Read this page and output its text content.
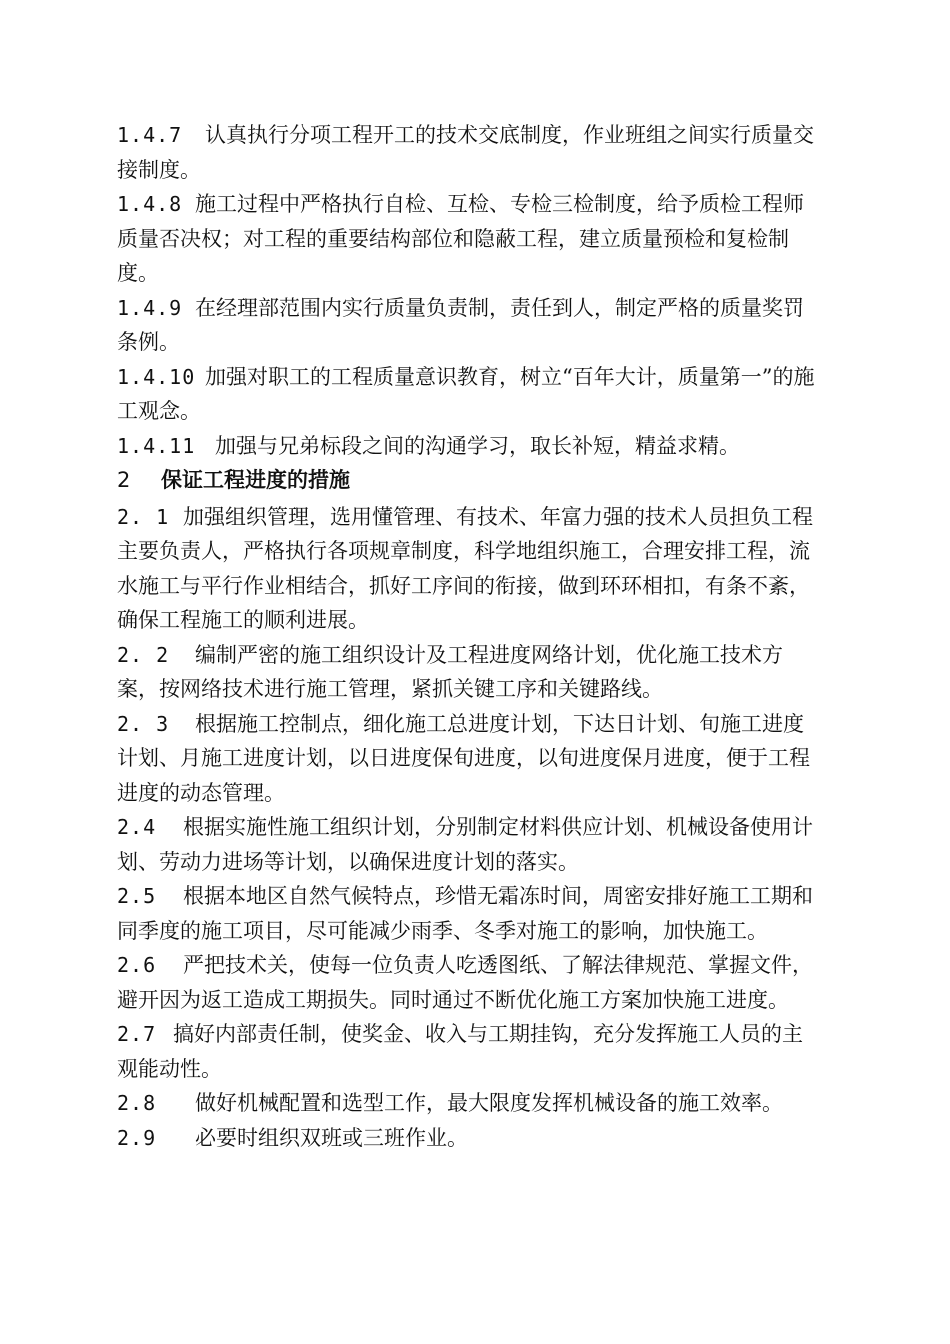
1.4.7 认真执行分项工程开工的技术交底制度，作业班组之间实行质量交接制度。

1.4.8 施工过程中严格执行自检、互检、专检三检制度，给予质检工程师质量否决权；对工程的重要结构部位和隐蔽工程，建立质量预检和复检制度。

1.4.9 在经理部范围内实行质量负责制，责任到人，制定严格的质量奖罚条例。

1.4.10 加强对职工的工程质量意识教育，树立“百年大计，质量第一”的施工观念。

1.4.11 加强与兄弟标段之间的沟通学习，取长补短，精益求精。

2 保证工程进度的措施

2. 1 加强组织管理，选用懂管理、有技术、年富力强的技术人员担负工程主要负责人，严格执行各项规章制度，科学地组织施工，合理安排工程，流水施工与平行作业相结合，抓好工序间的衔接，做到环环相扣，有条不紊，确保工程施工的顺利进展。

2. 2 编制严密的施工组织设计及工程进度网络计划，优化施工技术方案，按网络技术进行施工管理，紧抓关键工序和关键路线。

2. 3 根据施工控制点，细化施工总进度计划，下达日计划、旬施工进度计划、月施工进度计划，以日进度保旬进度，以旬进度保月进度，便于工程进度的动态管理。

2.4 根据实施性施工组织计划，分别制定材料供应计划、机械设备使用计划、劳动力进场等计划，以确保进度计划的落实。

2.5 根据本地区自然气候特点，珍惜无霜冻时间，周密安排好施工工期和同季度的施工项目，尽可能减少雨季、冬季对施工的影响，加快施工。

2.6 严把技术关，使每一位负责人吃透图纸、了解法律规范、掌握文件，避开因为返工造成工期损失。同时通过不断优化施工方案加快施工进度。

2.7 搞好内部责任制，使奖金、收入与工期挂钩，充分发挥施工人员的主观能动性。

2.8 做好机械配置和选型工作，最大限度发挥机械设备的施工效率。

2.9 必要时组织双班或三班作业。
